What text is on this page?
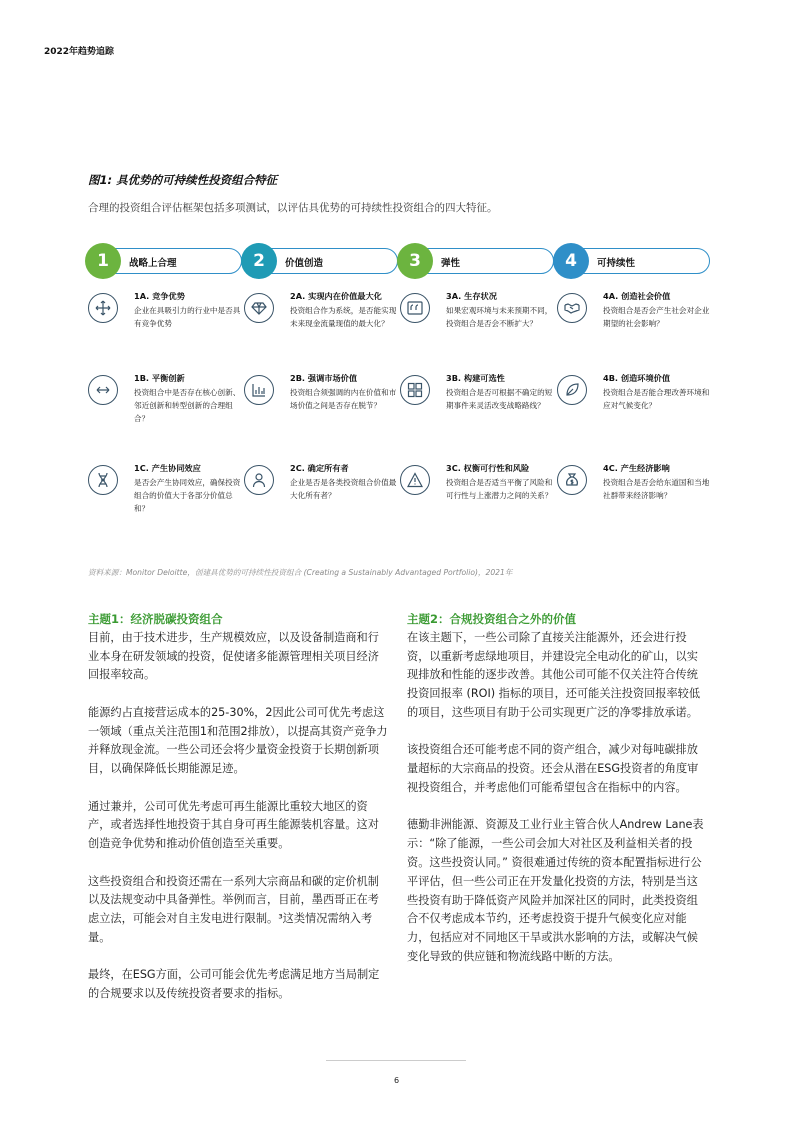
2022年趋势追踪
图1: 具优势的可持续性投资组合特征
合理的投资组合评估框架包括多项测试，以评估具优势的可持续性投资组合的四大特征。
1	战略上合理	2	价值创造	3	弹性	4	可持续性
1A. 竞争优势
企业在具吸引力的行业中是否具有竞争优势
1B. 平衡创新
投资组合中是否存在核心创新、邻近创新和转型创新的合理组合？
1C. 产生协同效应
是否会产生协同效应，确保投资组合的价值大于各部分价值总和？
2A. 实现内在价值最大化
投资组合作为系统，是否能实现未来现金流量现值的最大化？
2B. 强调市场价值
投资组合须强调的内在价值和市场价值之间是否存在脱节？
2C. 确定所有者
企业是否是各类投资组合价值最大化所有者？
3A. 生存状况
如果宏观环境与未来预期不同，投资组合是否会不断扩大？
3B. 构建可选性
投资组合是否可根据不确定的短期事件来灵活改变战略路线？
3C. 权衡可行性和风险
投资组合是否适当平衡了风险和可行性与上涨潜力之间的关系？
4A. 创造社会价值
投资组合是否会产生社会对企业期望的社会影响？
4B. 创造环境价值
投资组合是否能合理改善环境和应对气候变化？
4C. 产生经济影响
投资组合是否会给东道国和当地社群带来经济影响？
资料来源：Monitor Deloitte，创建具优势的可持续性投资组合 (Creating a Sustainably Advantaged Portfolio)，2021年
主题1：经济脱碳投资组合

目前，由于技术进步，生产规模效应，以及设备制造商和行业本身在研发领域的投资，促使诸多能源管理相关项目经济回报率较高。

能源约占直接营运成本的25-30%，2因此公司可优先考虑这一领域（重点关注范围1和范围2排放），以提高其资产竞争力并释放现金流。一些公司还会将少量资金投资于长期创新项目，以确保降低长期能源足迹。

通过兼并，公司可优先考虑可再生能源比重较大地区的资产，或者选择性地投资于其自身可再生能源装机容量。这对创造竞争优势和推动价值创造至关重要。

这些投资组合和投资还需在一系列大宗商品和碳的定价机制以及法规变动中具备弹性。举例而言，目前，墨西哥正在考虑立法，可能会对自主发电进行限制。³这类情况需纳入考量。

最终，在ESG方面，公司可能会优先考虑满足地方当局制定的合规要求以及传统投资者要求的指标。

主题2：合规投资组合之外的价值

在该主题下，一些公司除了直接关注能源外，还会进行投资，以重新考虑绿地项目，并建设完全电动化的矿山，以实现排放和性能的逐步改善。其他公司可能不仅关注符合传统投资回报率 (ROI) 指标的项目，还可能关注投资回报率较低的项目，这些项目有助于公司实现更广泛的净零排放承诺。

该投资组合还可能考虑不同的资产组合，减少对每吨碳排放量超标的大宗商品的投资。还会从潜在ESG投资者的角度审视投资组合，并考虑他们可能希望包含在指标中的内容。

德勤非洲能源、资源及工业行业主管合伙人Andrew Lane表示：“除了能源，一些公司会加大对社区及利益相关者的投资。这些投资认同。” 资很难通过传统的资本配置指标进行公平评估，但一些公司正在开发量化投资的方法，特别是当这些投资有助于降低资产风险并加深社区的同时，此类投资组合不仅考虑成本节约，还考虑投资于提升气候变化应对能力，包括应对不同地区干旱或洪水影响的方法，或解决气候变化导致的供应链和物流线路中断的方法。

6
